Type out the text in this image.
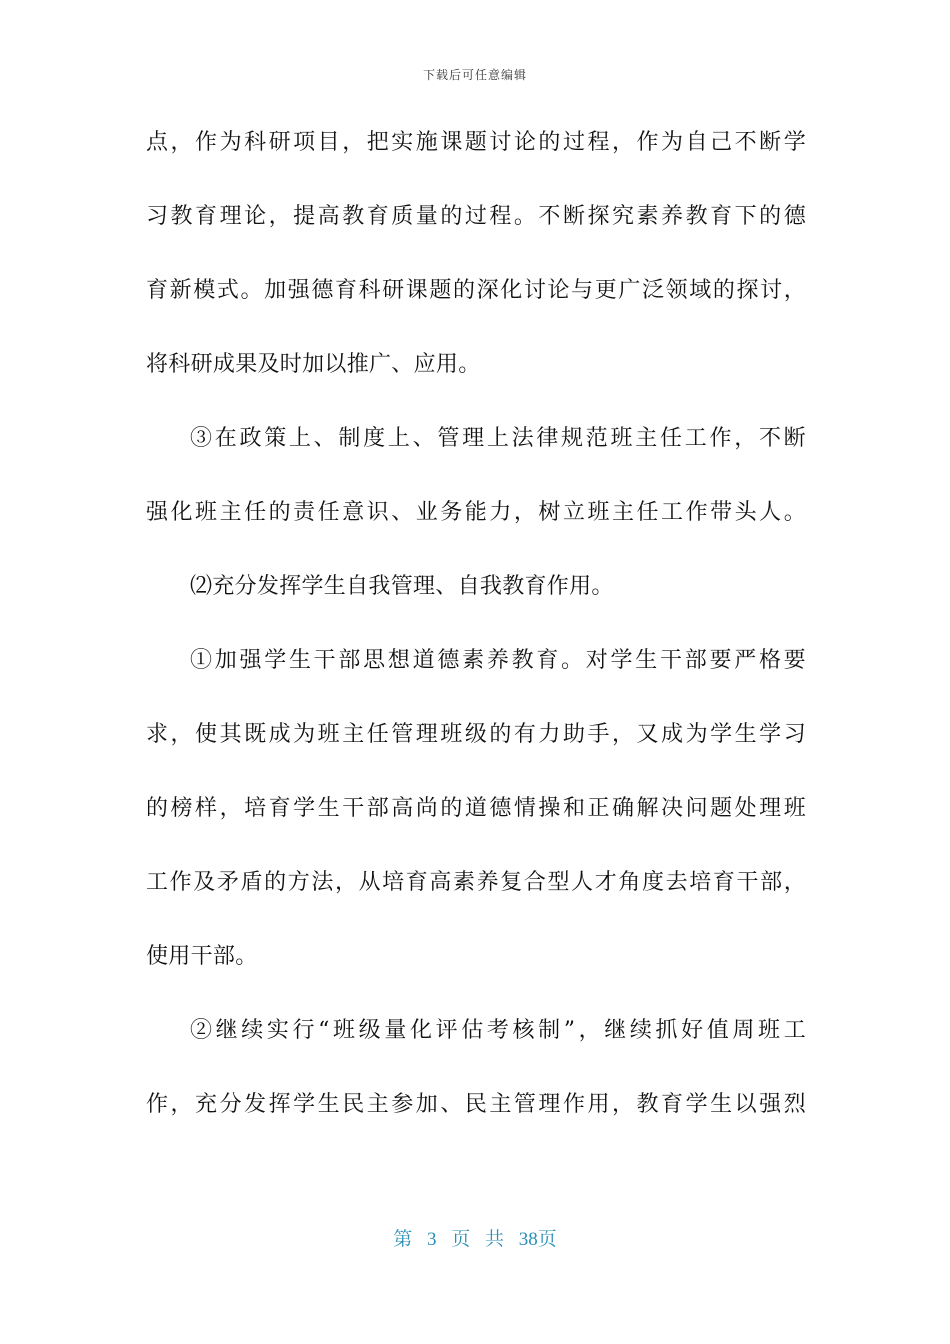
下载后可任意编辑
点，作为科研项目，把实施课题讨论的过程，作为自己不断学
习教育理论，提高教育质量的过程。不断探究素养教育下的德
育新模式。加强德育科研课题的深化讨论与更广泛领域的探讨，
将科研成果及时加以推广、应用。
③在政策上、制度上、管理上法律规范班主任工作，不断
强化班主任的责任意识、业务能力，树立班主任工作带头人。
⑵充分发挥学生自我管理、自我教育作用。
①加强学生干部思想道德素养教育。对学生干部要严格要
求，使其既成为班主任管理班级的有力助手，又成为学生学习
的榜样，培育学生干部高尚的道德情操和正确解决问题处理班
工作及矛盾的方法，从培育高素养复合型人才角度去培育干部，
使用干部。
②继续实行“班级量化评估考核制”，继续抓好值周班工
作，充分发挥学生民主参加、民主管理作用，教育学生以强烈
第 3 页 共 38页
